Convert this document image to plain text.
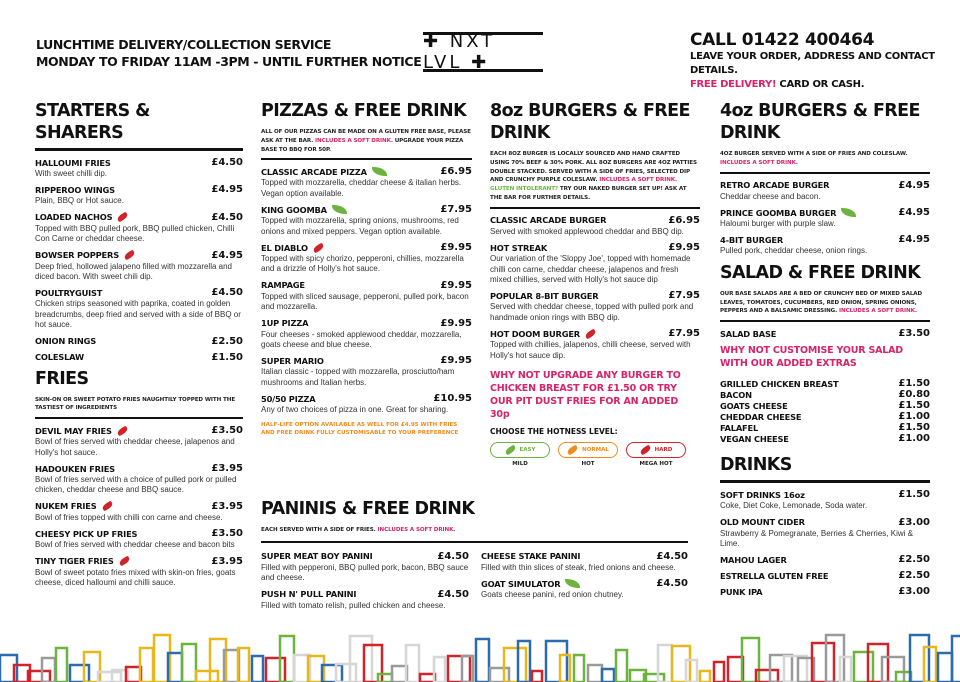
LUNCHTIME DELIVERY/COLLECTION SERVICE
MONDAY TO FRIDAY 11AM -3PM - UNTIL FURTHER NOTICE
✚ NXT LVL ✚
CALL 01422 400464
LEAVE YOUR ORDER, ADDRESS AND CONTACT DETAILS.
FREE DELIVERY! CARD OR CASH.
STARTERS & SHARERS
HALLOUMI FRIES	£4.50
With sweet chilli dip.
RIPPEROO WINGS	£4.95
Plain, BBQ or Hot sauce.
LOADED NACHOS	£4.50
Topped with BBQ pulled pork, BBQ pulled chicken, Chilli Con Carne or cheddar cheese.
BOWSER POPPERS	£4.95
Deep fried, hollowed jalapeno filled with mozzarella and diced bacon. With sweet chili dip.
POULTRYGUIST	£4.50
Chicken strips seasoned with paprika, coated in golden breadcrumbs, deep fried and served with a side of BBQ or hot sauce.
ONION RINGS	£2.50
COLESLAW	£1.50
FRIES
SKIN-ON OR SWEET POTATO FRIES NAUGHTILY TOPPED WITH THE TASTIEST OF INGREDIENTS
DEVIL MAY FRIES	£3.50
Bowl of fries served with cheddar cheese, jalapenos and Holly's hot sauce.
HADOUKEN FRIES	£3.95
Bowl of fries served with a choice of pulled pork or pulled chicken, cheddar cheese and BBQ sauce.
NUKEM FRIES	£3.95
Bowl of fries topped with chilli con carne and cheese.
CHEESY PICK UP FRIES	£3.50
Bowl of fries served with cheddar cheese and bacon bits
TINY TIGER FRIES	£3.95
Bowl of sweet potato fries mixed with skin-on fries, goats cheese, diced halloumi and chilli sauce.
PIZZAS & FREE DRINK
ALL OF OUR PIZZAS CAN BE MADE ON A GLUTEN FREE BASE, PLEASE ASK AT THE BAR. INCLUDES A SOFT DRINK. UPGRADE YOUR PIZZA BASE TO BBQ FOR 50P.
CLASSIC ARCADE PIZZA	£6.95
Topped with mozzarella, cheddar cheese & italian herbs. Vegan option available.
KING GOOMBA	£7.95
Topped with mozzarella, spring onions, mushrooms, red onions and mixed peppers. Vegan option available.
EL DIABLO	£9.95
Topped with spicy chorizo, pepperoni, chillies, mozzarella and a drizzle of Holly's hot sauce.
RAMPAGE	£9.95
Topped with sliced sausage, pepperoni, pulled pork, bacon and mozzarella.
1UP PIZZA	£9.95
Four cheeses - smoked applewood cheddar, mozzarella, goats cheese and blue cheese.
SUPER MARIO	£9.95
Italian classic - topped with mozzarella, prosciutto/ham mushrooms and Italian herbs.
50/50 PIZZA	£10.95
Any of two choices of pizza in one. Great for sharing.
HALF-LIFE OPTION AVAILABLE AS WELL FOR £4.95 WITH FRIES AND FREE DRINK FULLY CUSTOMISABLE TO YOUR PREFERENCE
8oz BURGERS & FREE DRINK
EACH 8OZ BURGER IS LOCALLY SOURCED AND HAND CRAFTED USING 70% BEEF & 30% PORK. ALL 8OZ BURGERS ARE 4OZ PATTIES DOUBLE STACKED. SERVED WITH A SIDE OF FRIES, SELECTED DIP AND CRUNCHY PURPLE COLESLAW. INCLUDES A SOFT DRINK. GLUTEN INTOLERANT? TRY OUR NAKED BURGER SET UP! ASK AT THE BAR FOR FURTHER DETAILS.
CLASSIC ARCADE BURGER	£6.95
Served with smoked applewood cheddar and BBQ dip.
HOT STREAK	£9.95
Our variation of the 'Sloppy Joe', topped with homemade chilli con carne, cheddar cheese, jalapenos and fresh mixed chillies, served with Holly's hot sauce dip
POPULAR 8-BIT BURGER	£7.95
Served with cheddar cheese, topped with pulled pork and handmade onion rings with BBQ dip.
HOT DOOM BURGER	£7.95
Topped with chillies, jalapenos, chilli cheese, served with Holly's hot sauce dip.
WHY NOT UPGRADE ANY BURGER TO CHICKEN BREAST FOR £1.50 OR TRY OUR PIT DUST FRIES FOR AN ADDED 30p
CHOOSE THE HOTNESS LEVEL:
EASY
MILD
NORMAL
HOT
HARD
MEGA HOT
4oz BURGERS & FREE DRINK
4OZ BURGER SERVED WITH A SIDE OF FRIES AND COLESLAW. INCLUDES A SOFT DRINK.
RETRO ARCADE BURGER	£4.95
Cheddar cheese and bacon.
PRINCE GOOMBA BURGER	£4.95
Haloumi burger with purple slaw.
4-BIT BURGER	£4.95
Pulled pork, cheddar cheese, onion rings.
SALAD & FREE DRINK
OUR BASE SALADS ARE A BED OF CRUNCHY BED OF MIXED SALAD LEAVES, TOMATOES, CUCUMBERS, RED ONION, SPRING ONIONS, PEPPERS AND A BALSAMIC DRESSING. INCLUDES A SOFT DRINK.
SALAD BASE	£3.50
WHY NOT CUSTOMISE YOUR SALAD WITH OUR ADDED EXTRAS
GRILLED CHICKEN BREAST	£1.50
BACON	£0.80
GOATS CHEESE	£1.50
CHEDDAR CHEESE	£1.00
FALAFEL	£1.50
VEGAN CHEESE	£1.00
DRINKS
SOFT DRINKS 16oz	£1.50
Coke, Diet Coke, Lemonade, Soda water.
OLD MOUNT CIDER	£3.00
Strawberry & Pomegranate, Berries & Cherries, Kiwi & Lime.
MAHOU LAGER	£2.50
ESTRELLA GLUTEN FREE	£2.50
PUNK IPA	£3.00
PANINIS & FREE DRINK
EACH SERVED WITH A SIDE OF FRIES. INCLUDES A SOFT DRINK.
SUPER MEAT BOY PANINI	£4.50
Filled with pepperoni, BBQ pulled pork, bacon, BBQ sauce and cheese.
PUSH N' PULL PANINI	£4.50
Filled with tomato relish, pulled chicken and cheese.
CHEESE STAKE PANINI	£4.50
Filled with thin slices of steak, fried onions and cheese.
GOAT SIMULATOR	£4.50
Goats cheese panini, red onion chutney.
